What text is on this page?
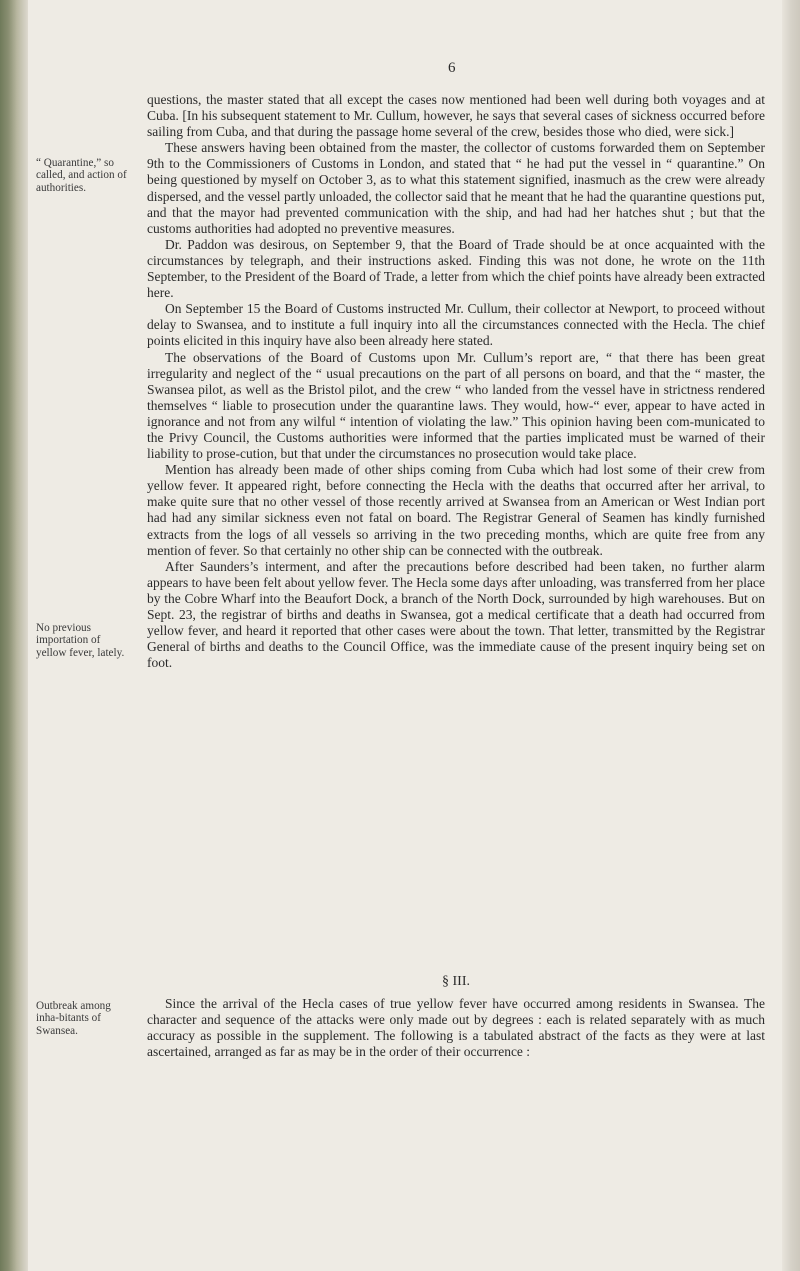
6
“ Quarantine,” so called, and action of authorities.
No previous importation of yellow fever, lately.
Outbreak among inha-bitants of Swansea.

questions, the master stated that all except the cases now mentioned had been well during both voyages and at Cuba. [In his subsequent statement to Mr. Cullum, however, he says that several cases of sickness occurred before sailing from Cuba, and that during the passage home several of the crew, besides those who died, were sick.]

These answers having been obtained from the master, the collector of customs forwarded them on September 9th to the Commissioners of Customs in London, and stated that “ he had put the vessel in “ quarantine.” On being questioned by myself on October 3, as to what this statement signified, inasmuch as the crew were already dispersed, and the vessel partly unloaded, the collector said that he meant that he had the quarantine questions put, and that the mayor had prevented communication with the ship, and had had her hatches shut ; but that the customs authorities had adopted no preventive measures.

Dr. Paddon was desirous, on September 9, that the Board of Trade should be at once acquainted with the circumstances by telegraph, and their instructions asked. Finding this was not done, he wrote on the 11th September, to the President of the Board of Trade, a letter from which the chief points have already been extracted here.

On September 15 the Board of Customs instructed Mr. Cullum, their collector at Newport, to proceed without delay to Swansea, and to institute a full inquiry into all the circumstances connected with the Hecla. The chief points elicited in this inquiry have also been already here stated.

The observations of the Board of Customs upon Mr. Cullum’s report are, “ that there has been great irregularity and neglect of the “ usual precautions on the part of all persons on board, and that the “ master, the Swansea pilot, as well as the Bristol pilot, and the crew “ who landed from the vessel have in strictness rendered themselves “ liable to prosecution under the quarantine laws. They would, how-“ ever, appear to have acted in ignorance and not from any wilful “ intention of violating the law.” This opinion having been com-municated to the Privy Council, the Customs authorities were informed that the parties implicated must be warned of their liability to prose-cution, but that under the circumstances no prosecution would take place.

Mention has already been made of other ships coming from Cuba which had lost some of their crew from yellow fever. It appeared right, before connecting the Hecla with the deaths that occurred after her arrival, to make quite sure that no other vessel of those recently arrived at Swansea from an American or West Indian port had had any similar sickness even not fatal on board. The Registrar General of Seamen has kindly furnished extracts from the logs of all vessels so arriving in the two preceding months, which are quite free from any mention of fever. So that certainly no other ship can be connected with the outbreak.

After Saunders’s interment, and after the precautions before described had been taken, no further alarm appears to have been felt about yellow fever. The Hecla some days after unloading, was transferred from her place by the Cobre Wharf into the Beaufort Dock, a branch of the North Dock, surrounded by high warehouses. But on Sept. 23, the registrar of births and deaths in Swansea, got a medical certificate that a death had occurred from yellow fever, and heard it reported that other cases were about the town. That letter, transmitted by the Registrar General of births and deaths to the Council Office, was the immediate cause of the present inquiry being set on foot.

§ III.

Since the arrival of the Hecla cases of true yellow fever have occurred among residents in Swansea. The character and sequence of the attacks were only made out by degrees : each is related separately with as much accuracy as possible in the supplement. The following is a tabulated abstract of the facts as they were at last ascertained, arranged as far as may be in the order of their occurrence :
